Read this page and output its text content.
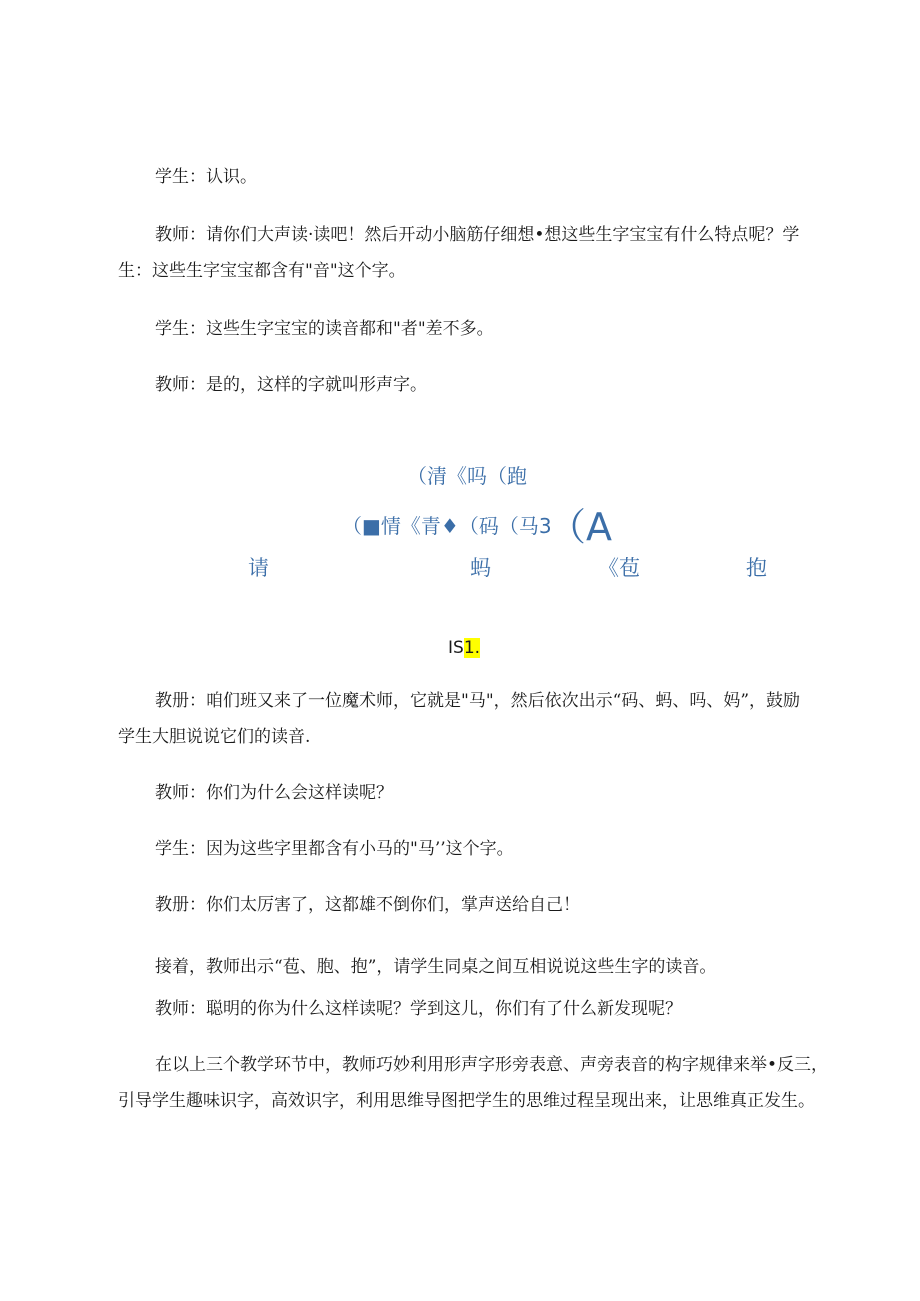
学生：认识。
教师：请你们大声读·读吧！然后开动小脑筋仔细想•想这些生字宝宝有什么特点呢？学
生：这些生字宝宝都含有"音"这个字。
学生：这些生字宝宝的读音都和"者"差不多。
教师：是的，这样的字就叫形声字。
（清《吗（跑
（■情《青♦（码（马3
（A
请	蚂	《苞	抱
IS1.
教册：咱们班又来了一位魔术师，它就是"马"，然后依次出示“码、蚂、吗、妈”，鼓励
学生大胆说说它们的读音.
教师：你们为什么会这样读呢？
学生：因为这些字里都含有小马的"马’’这个字。
教册：你们太厉害了，这都雄不倒你们，掌声送给自己！
接着，教师出示“苞、胞、抱”，请学生同桌之间互相说说这些生字的读音。
教师：聪明的你为什么这样读呢？学到这儿，你们有了什么新发现呢？
在以上三个教学环节中，教师巧妙利用形声字形旁表意、声旁表音的构字规律来举•反三，
引导学生趣味识字，高效识字，利用思维导图把学生的思维过程呈现出来，让思维真正发生。
